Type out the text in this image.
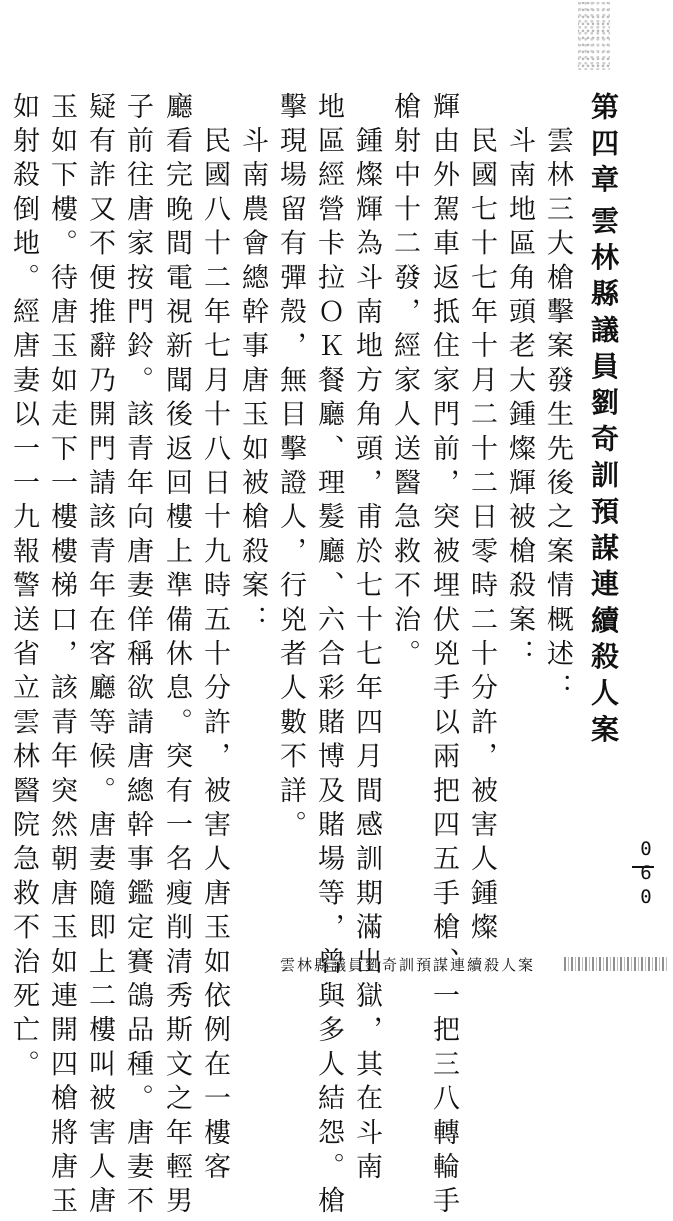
第四章
雲林縣議員劉奇訓預謀連續殺人案
　雲林三大槍擊案發生先後之案情概述：
　斗南地區角頭老大鍾燦輝被槍殺案：
　民國七十七年十月二十二日零時二十分許，被害人鍾燦
輝由外駕車返抵住家門前，突被埋伏兇手以兩把四五手槍、一把三八轉輪手
槍射中十二發，經家人送醫急救不治。
　鍾燦輝為斗南地方角頭，甫於七十七年四月間感訓期滿出獄，其在斗南
地區經營卡拉ＯＫ餐廳、理髮廳、六合彩賭博及賭場等，曾與多人結怨。槍
擊現場留有彈殼，無目擊證人，行兇者人數不詳。
　斗南農會總幹事唐玉如被槍殺案：
　民國八十二年七月十八日十九時五十分許，被害人唐玉如依例在一樓客
廳看完晚間電視新聞後返回樓上準備休息。突有一名瘦削清秀斯文之年輕男
子前往唐家按門鈴。該青年向唐妻佯稱欲請唐總幹事鑑定賽鴿品種。唐妻不
疑有詐又不便推辭乃開門請該青年在客廳等候。唐妻隨即上二樓叫被害人唐
玉如下樓。待唐玉如走下一樓樓梯口，該青年突然朝唐玉如連開四槍將唐玉	060
雲林縣議員劉奇訓預謀連續殺人案
如射殺倒地。經唐妻以一一九報警送省立雲林醫院急救不治死亡。
